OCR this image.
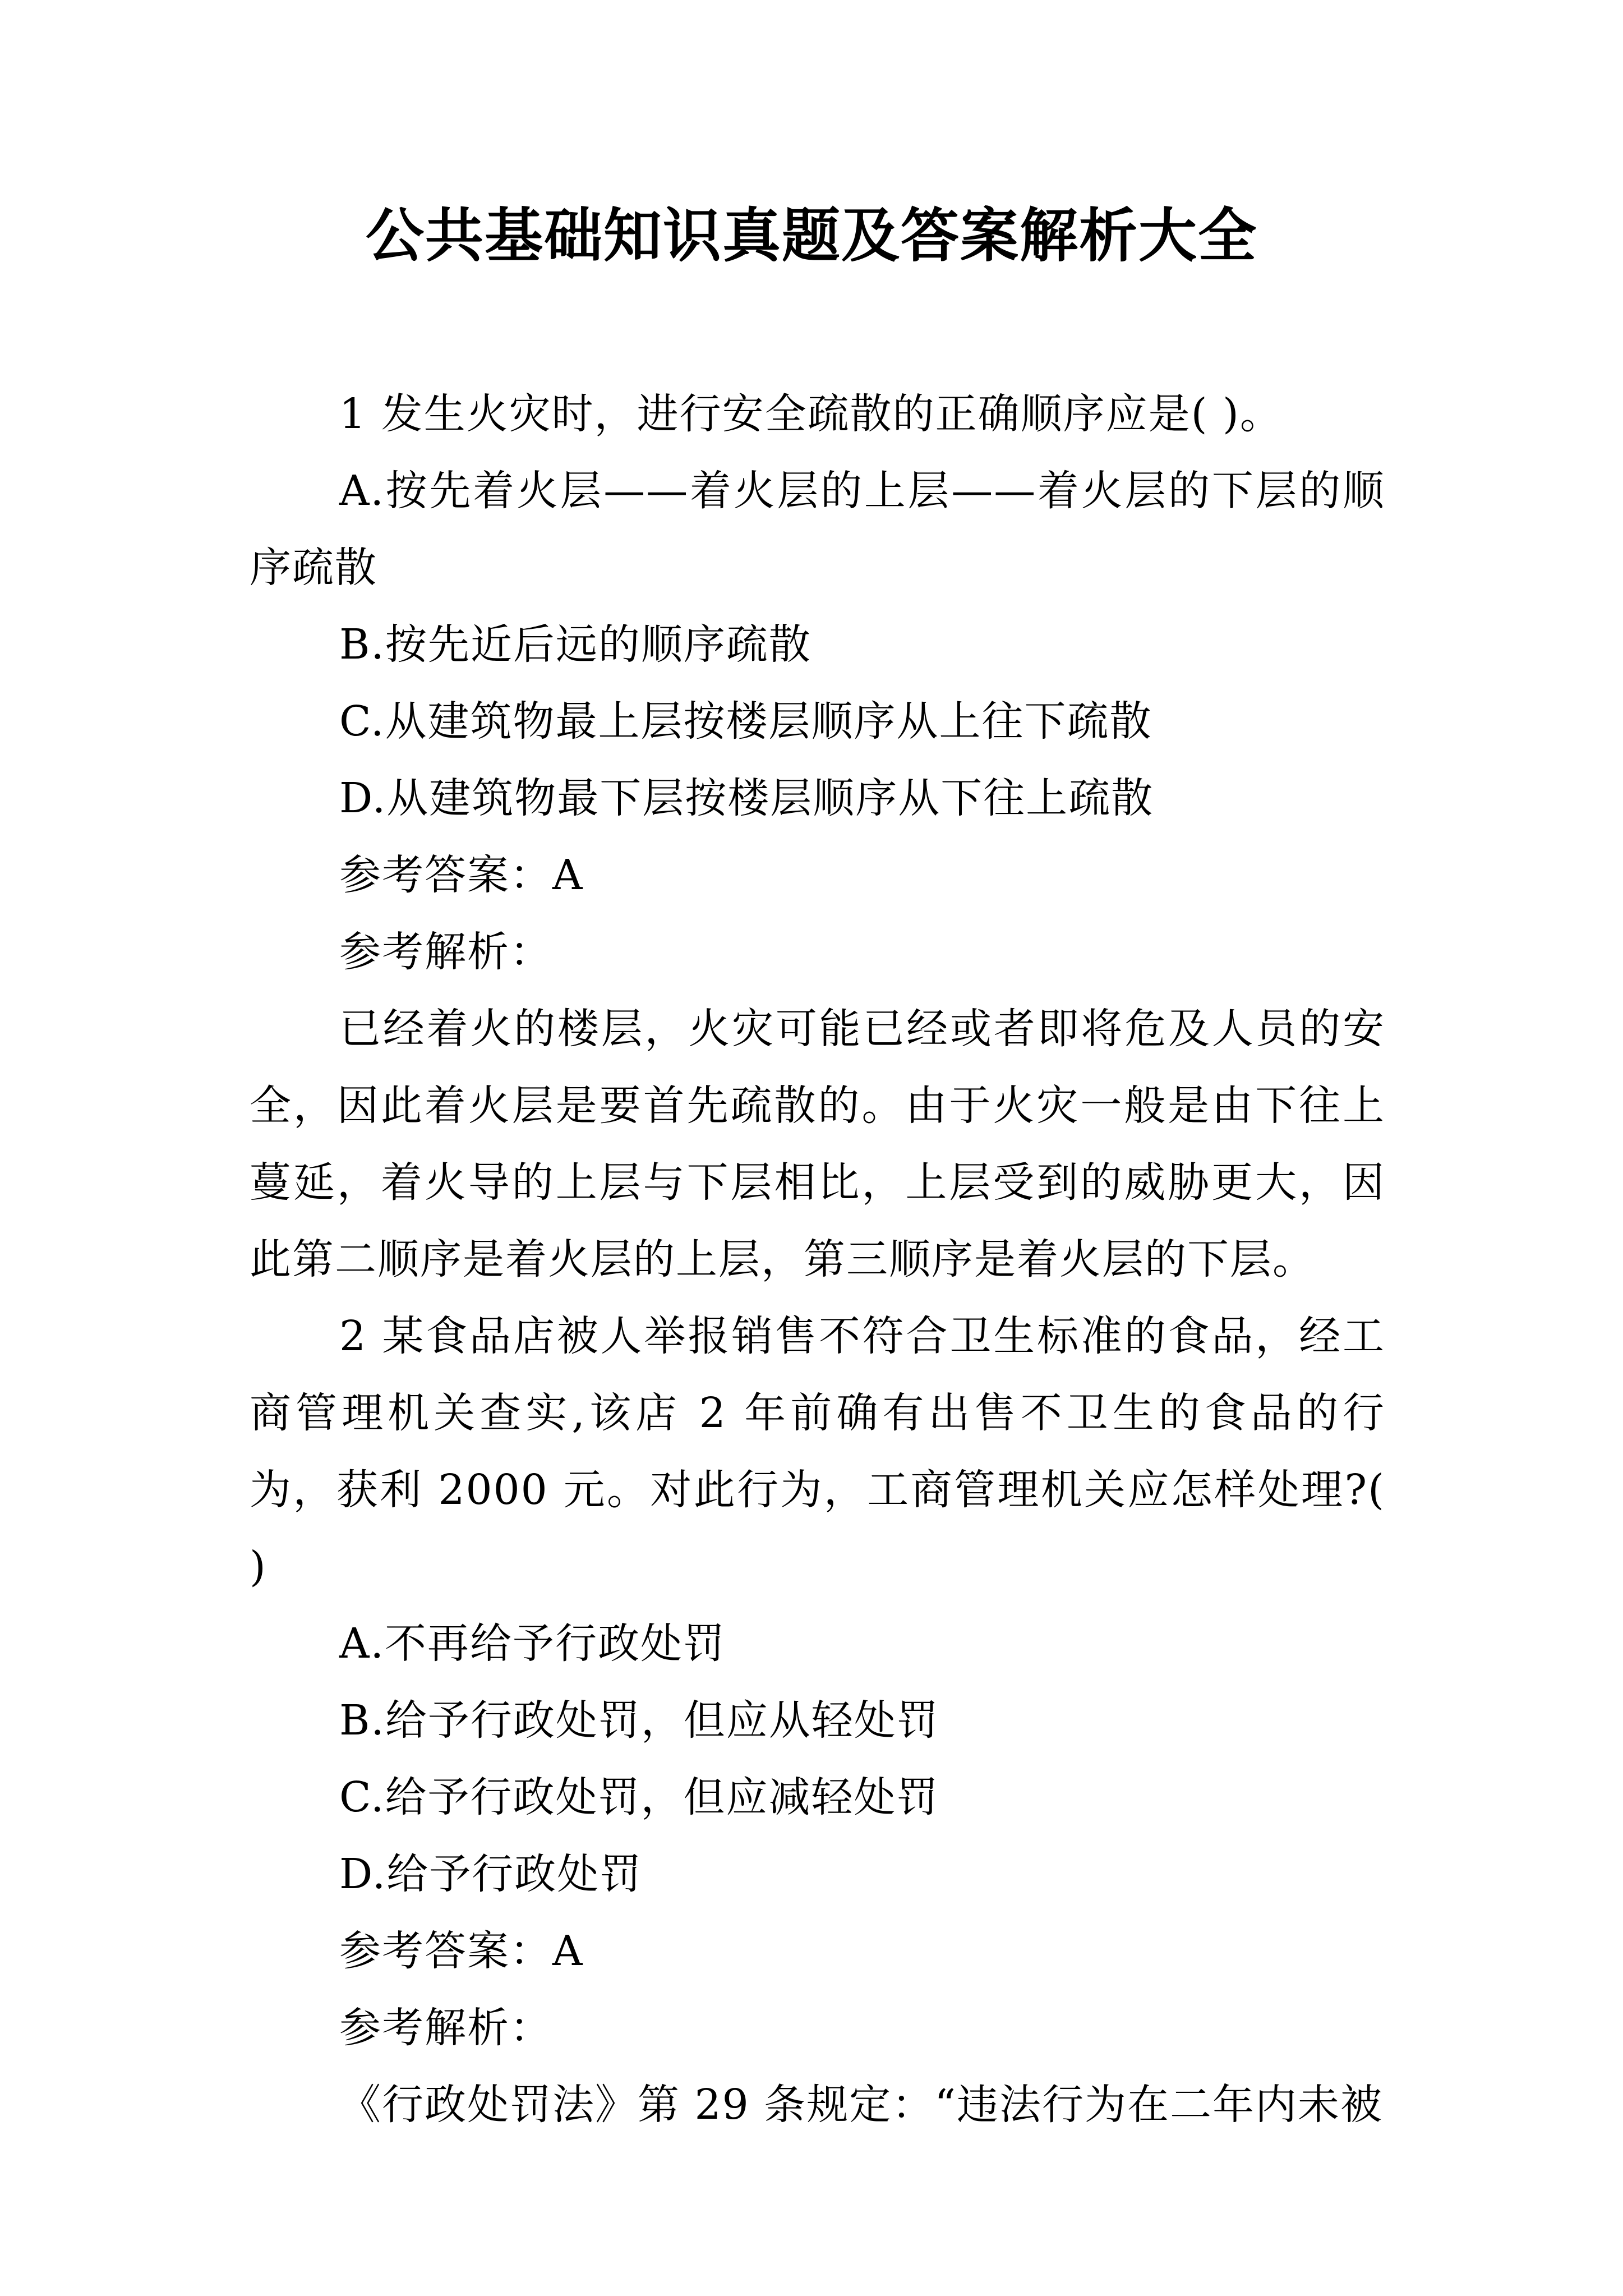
公共基础知识真题及答案解析大全

1 发生火灾时，进行安全疏散的正确顺序应是( )。

A.按先着火层——着火层的上层——着火层的下层的顺序疏散

B.按先近后远的顺序疏散

C.从建筑物最上层按楼层顺序从上往下疏散

D.从建筑物最下层按楼层顺序从下往上疏散

参考答案：A

参考解析：

已经着火的楼层，火灾可能已经或者即将危及人员的安全，因此着火层是要首先疏散的。由于火灾一般是由下往上蔓延，着火导的上层与下层相比，上层受到的威胁更大，因此第二顺序是着火层的上层，第三顺序是着火层的下层。

2 某食品店被人举报销售不符合卫生标准的食品，经工商管理机关查实,该店 2 年前确有出售不卫生的食品的行为，获利 2000 元。对此行为，工商管理机关应怎样处理?( )

A.不再给予行政处罚

B.给予行政处罚，但应从轻处罚

C.给予行政处罚，但应减轻处罚

D.给予行政处罚

参考答案：A

参考解析：

《行政处罚法》第 29 条规定：“违法行为在二年内未被
